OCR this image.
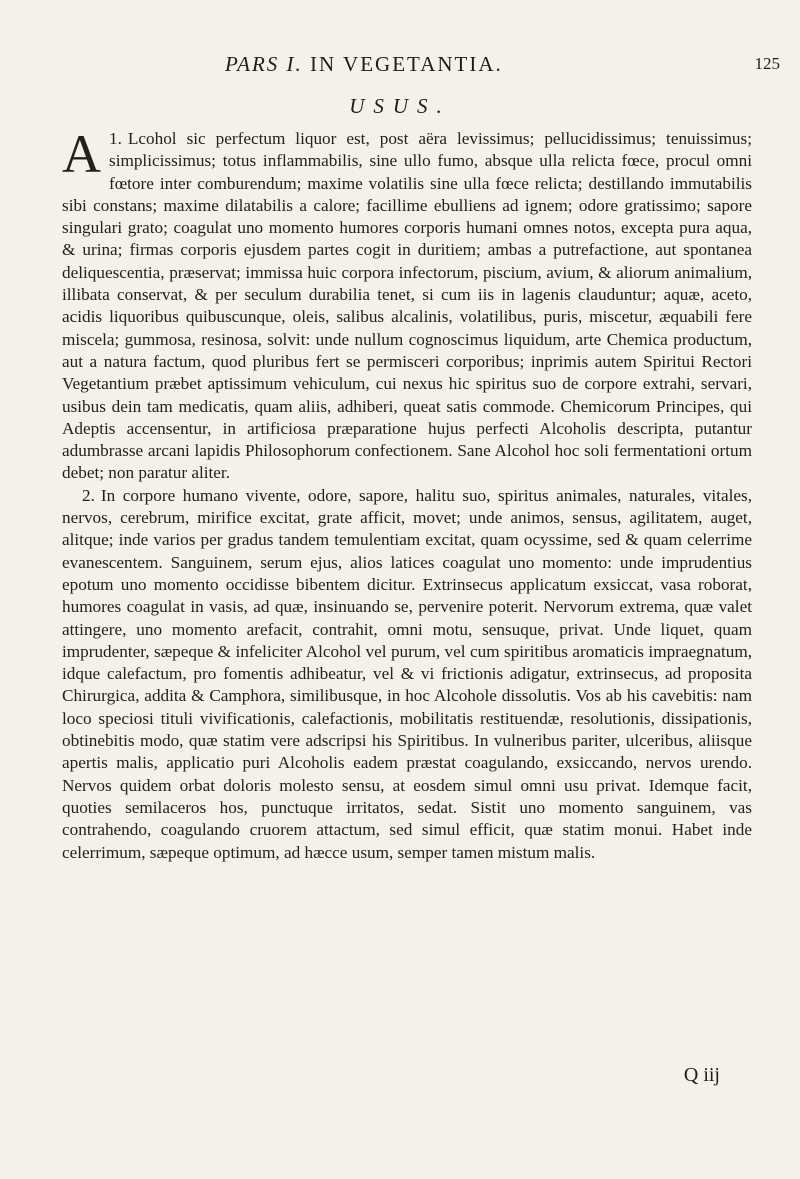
PARS I. IN VEGETANTIA.	125
USUS.

1.
A Lcohol sic perfectum liquor est, post aëra levissimus; pellucidissimus; tenuissimus; simplicissimus; totus inflammabilis, sine ullo fumo, absque ulla relicta fœce, procul omni fœtore inter comburendum; maxime volatilis sine ulla fœce relicta; destillando immutabilis sibi constans; maxime dilatabilis a calore; facillime ebulliens ad ignem; odore gratissimo; sapore singulari grato; coagulat uno momento humores corporis humani omnes notos, excepta pura aqua, & urina; firmas corporis ejusdem partes cogit in duritiem; ambas a putrefactione, aut spontanea deliquescentia, præservat; immissa huic corpora infectorum, piscium, avium, & aliorum animalium, illibata conservat, & per seculum durabilia tenet, si cum iis in lagenis clauduntur; aquæ, aceto, acidis liquoribus quibuscunque, oleis, salibus alcalinis, volatilibus, puris, miscetur, æquabili fere miscela; gummosa, resinosa, solvit: unde nullum cognoscimus liquidum, arte Chemica productum, aut a natura factum, quod pluribus fert se permisceri corporibus; inprimis autem Spiritui Rectori Vegetantium præbet aptissimum vehiculum, cui nexus hic spiritus suo de corpore extrahi, servari, usibus dein tam medicatis, quam aliis, adhiberi, queat satis commode. Chemicorum Principes, qui Adeptis accensentur, in artificiosa præparatione hujus perfecti Alcoholis descripta, putantur adumbrasse arcani lapidis Philosophorum confectionem. Sane Alcohol hoc soli fermentationi ortum debet; non paratur aliter.

2. In corpore humano vivente, odore, sapore, halitu suo, spiritus animales, naturales, vitales, nervos, cerebrum, mirifice excitat, grate afficit, movet; unde animos, sensus, agilitatem, auget, alitque; inde varios per gradus tandem temulentiam excitat, quam ocyssime, sed & quam celerrime evanescentem. Sanguinem, serum ejus, alios latices coagulat uno momento: unde imprudentius epotum uno momento occidisse bibentem dicitur. Extrinsecus applicatum exsiccat, vasa roborat, humores coagulat in vasis, ad quæ, insinuando se, pervenire poterit. Nervorum extrema, quæ valet attingere, uno momento arefacit, contrahit, omni motu, sensuque, privat. Unde liquet, quam imprudenter, sæpeque & infeliciter Alcohol vel purum, vel cum spiritibus aromaticis impraegnatum, idque calefactum, pro fomentis adhibeatur, vel & vi frictionis adigatur, extrinsecus, ad propositа Chirurgica, addita & Camphora, similibusque, in hoc Alcohole dissolutis. Vos ab his cavebitis: nam loco speciosi tituli vivificationis, calefactionis, mobilitatis restituendæ, resolutionis, dissipationis, obtinebitis modo, quæ statim vere adscripsi his Spiritibus. In vulneribus pariter, ulceribus, aliisque apertis malis, applicatio puri Alcoholis eadem præstat coagulando, exsiccando, nervos urendo. Nervos quidem orbat doloris molesto sensu, at eosdem simul omni usu privat. Idemque facit, quoties semilaceros hos, punctuque irritatos, sedat. Sistit uno momento sanguinem, vas contrahendo, coagulando cruorem attactum, sed simul efficit, quæ statim monui. Habet inde celerrimum, sæpeque optimum, ad hæcce usum, semper tamen mistum malis.

Q iij
